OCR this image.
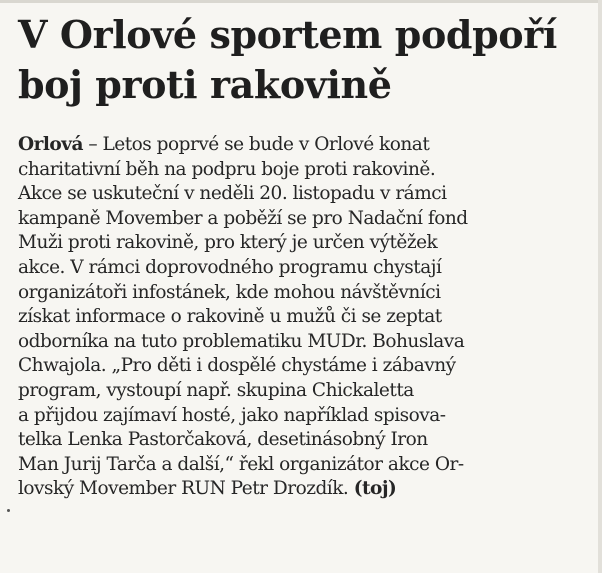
V Orlové sportem podpoří
boj proti rakovině
Orlová – Letos poprvé se bude v Orlové konat
charitativní běh na podpru boje proti rakovině.
Akce se uskuteční v neděli 20. listopadu v rámci
kampaně Movember a poběží se pro Nadační fond
Muži proti rakovině, pro který je určen výtěžek
akce. V rámci doprovodného programu chystají
organizátoři infostánek, kde mohou návštěvníci
získat informace o rakovině u mužů či se zeptat
odborníka na tuto problematiku MUDr. Bohuslava
Chwajola. „Pro děti i dospělé chystáme i zábavný
program, vystoupí např. skupina Chickaletta
a přijdou zajímaví hosté, jako například spisova-
telka Lenka Pastorčaková, desetinásobný Iron
Man Jurij Tarča a další,“ řekl organizátor akce Or-
lovský Movember RUN Petr Drozdík. (toj)
